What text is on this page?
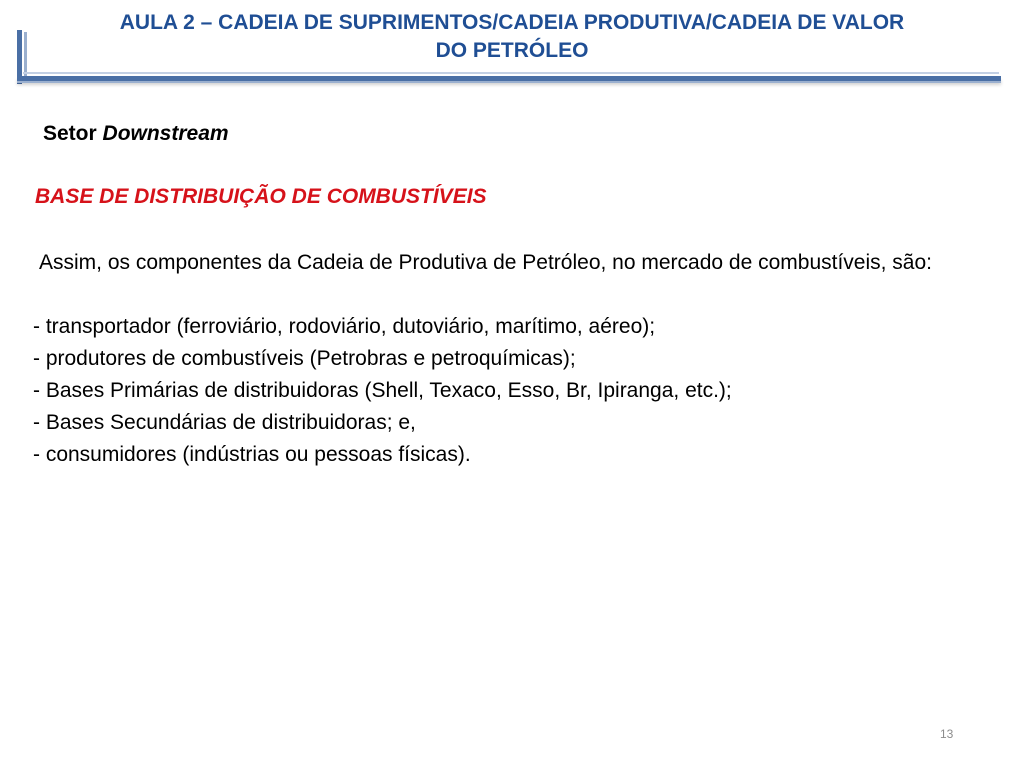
AULA 2 – CADEIA DE SUPRIMENTOS/CADEIA PRODUTIVA/CADEIA DE VALOR
DO PETRÓLEO

Setor Downstream

BASE DE DISTRIBUIÇÃO DE COMBUSTÍVEIS

Assim, os componentes da Cadeia de Produtiva de Petróleo, no mercado de combustíveis, são:

- transportador (ferroviário, rodoviário, dutoviário, marítimo, aéreo);

- produtores de combustíveis (Petrobras e petroquímicas);

- Bases Primárias de distribuidoras (Shell, Texaco, Esso, Br, Ipiranga, etc.);

- Bases Secundárias de distribuidoras; e,

- consumidores (indústrias ou pessoas físicas).

13
